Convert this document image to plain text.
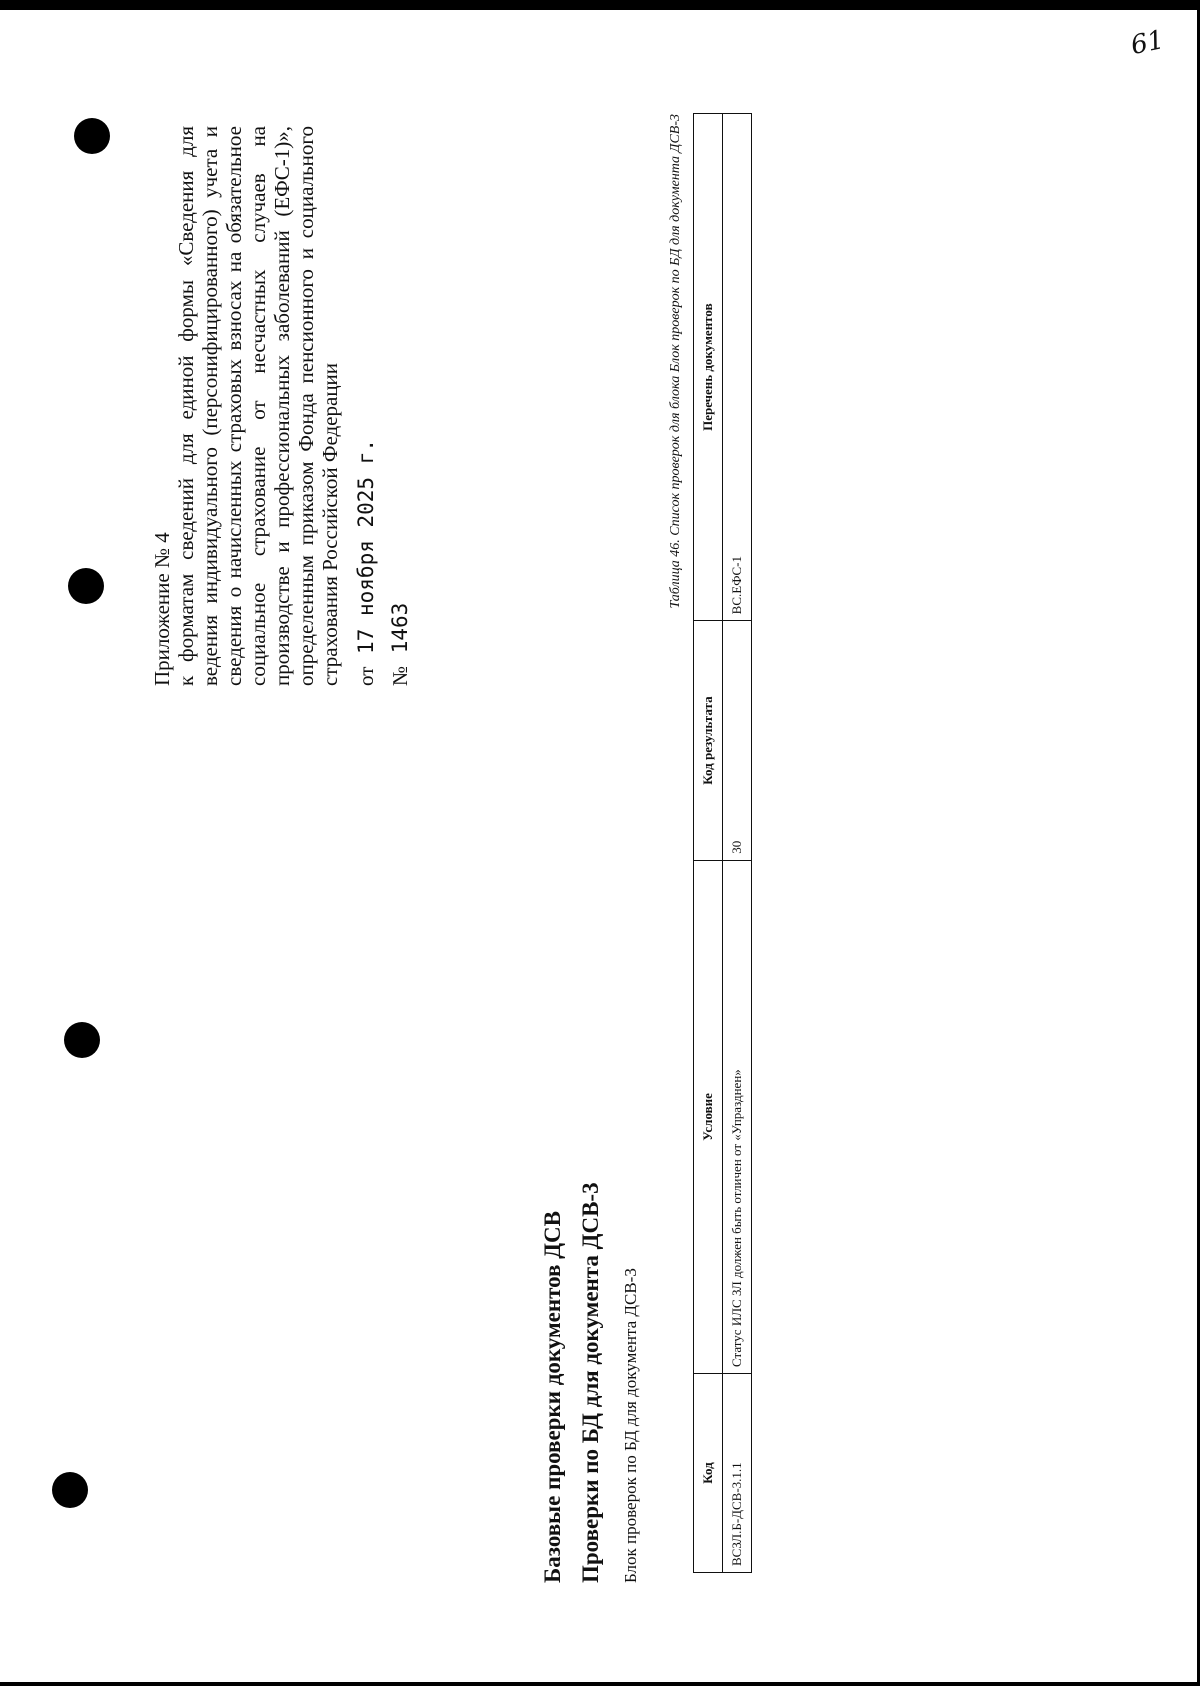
61

Приложение № 4 к форматам сведений для единой формы «Сведения для ведения индивидуального (персонифицированного) учета и сведения о начисленных страховых взносах на обязательное социальное страхование от несчастных случаев на производстве и профессиональных заболеваний (ЕФС-1)», определенным приказом Фонда пенсионного и социального страхования Российской Федерации от 17 ноября 2025 г.
№ 1463
Базовые проверки документов ДСВ Проверки по БД для документа ДСВ-3 Блок проверок по БД для документа ДСВ-3
Таблица 46. Список проверок для блока Блок проверок по БД для документа ДСВ-3
Код	Условие	Код результата	Перечень документов
ВСЗЛ.Б-ДСВ-3.1.1	Статус ИЛС ЗЛ должен быть отличен от «Упразднен»	30	ВС.ЕФС-1
